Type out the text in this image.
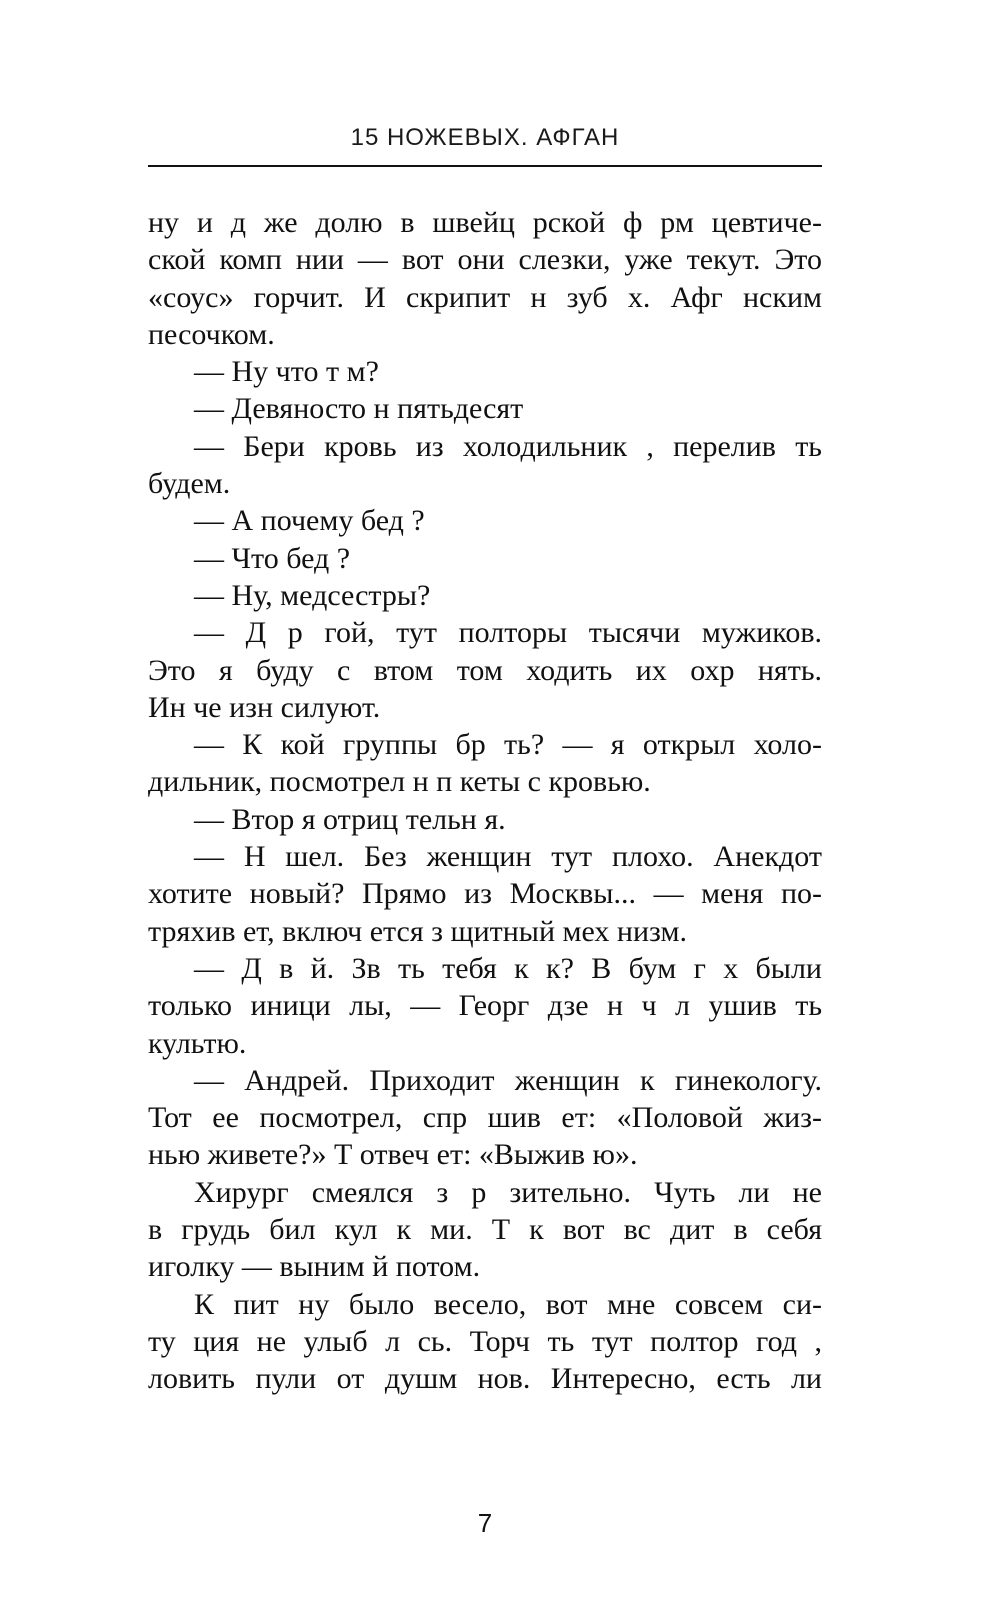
15 НОЖЕВЫХ. АФГАН
ну и д же долю в швейц рской ф рм цевтиче-
ской комп нии — вот они слезки, уже текут. Это
«соус» горчит. И скрипит н зуб х. Афг нским
песочком.
— Ну что т м?
— Девяносто н пятьдесят
— Бери кровь из холодильник , перелив ть
будем.
— А почему бед ?
— Что бед ?
— Ну, медсестры?
— Д р гой, тут полторы тысячи мужиков.
Это я буду с втом том ходить их охр нять.
Ин че изн силуют.
— К кой группы бр ть? — я открыл холо-
дильник, посмотрел н п кеты с кровью.
— Втор я отриц тельн я.
— Н шел. Без женщин тут плохо. Анекдот
хотите новый? Прямо из Москвы... — меня по-
тряхив ет, включ ется з щитный мех низм.
— Д в й. Зв ть тебя к к? В бум г х были
только иници лы, — Георг дзе н ч л ушив ть
культю.
— Андрей. Приходит женщин к гинекологу.
Тот ее посмотрел, спр шив ет: «Половой жиз-
нью живете?» Т отвеч ет: «Выжив ю».
Хирург смеялся з р зительно. Чуть ли не
в грудь бил кул к ми. Т к вот вс дит в себя
иголку — выним й потом.
К пит ну было весело, вот мне совсем си-
ту ция не улыб л сь. Торч ть тут полтор год ,
ловить пули от душм нов. Интересно, есть ли
7
